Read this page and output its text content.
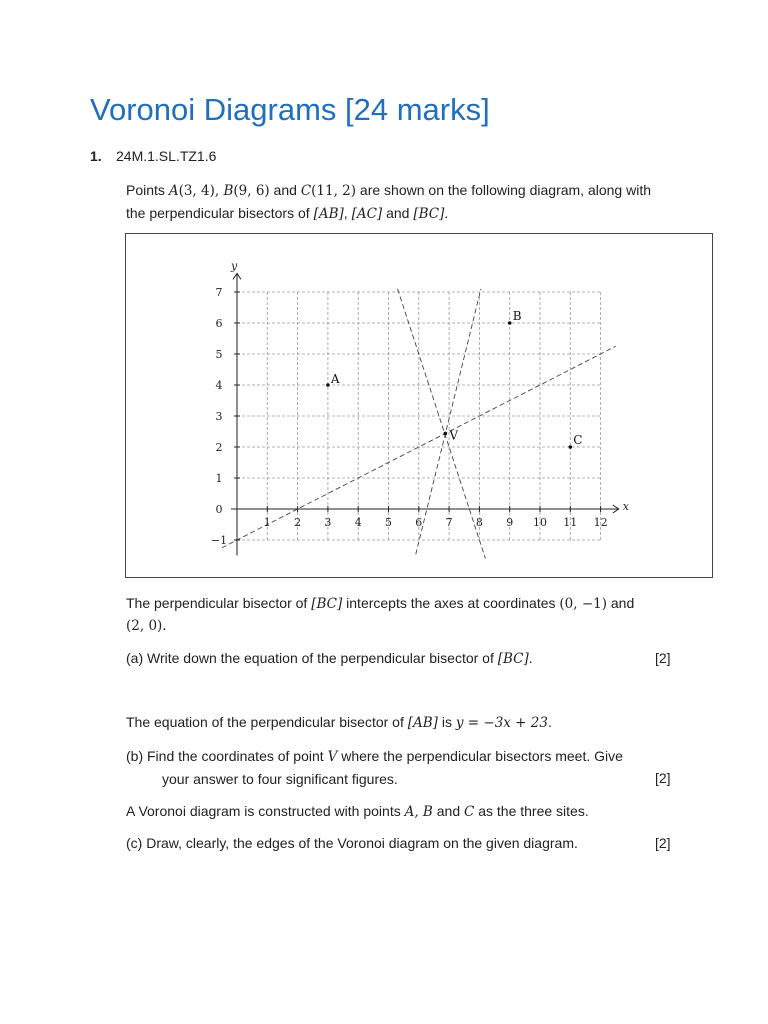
Voronoi Diagrams [24 marks]
1. 24M.1.SL.TZ1.6
Points A(3, 4), B(9, 6) and C(11, 2) are shown on the following diagram, along with
the perpendicular bisectors of [AB], [AC] and [BC].
x
y
1 2 3 4 5 6 7 8 9 10 11 12
7
6
5
4
3
2
1
0
−1
A
B
C
V
The perpendicular bisector of [BC] intercepts the axes at coordinates (0, −1) and
(2, 0).
(a) Write down the equation of the perpendicular bisector of [BC].	[2]
The equation of the perpendicular bisector of [AB] is y = −3x + 23.
(b) Find the coordinates of point V where the perpendicular bisectors meet. Give
your answer to four significant figures.	[2]
A Voronoi diagram is constructed with points A, B and C as the three sites.
(c) Draw, clearly, the edges of the Voronoi diagram on the given diagram.	[2]
